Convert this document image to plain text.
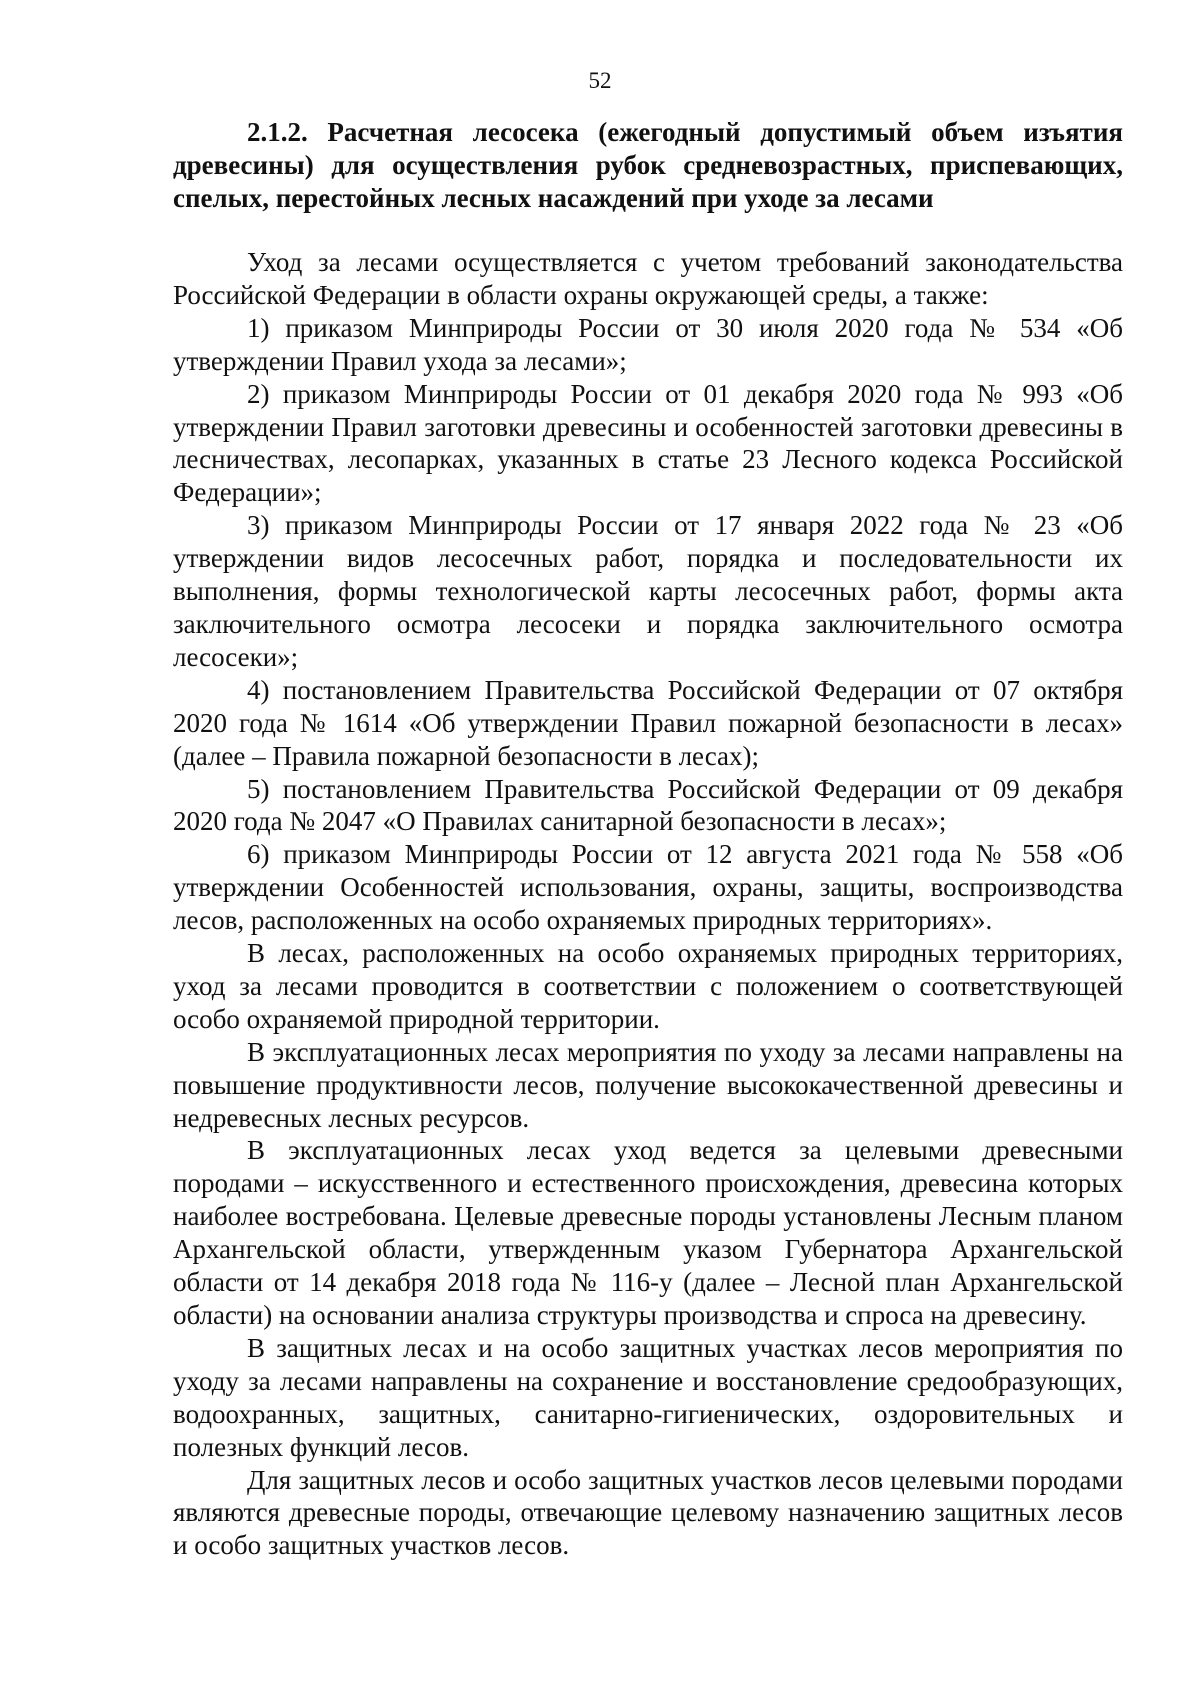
52
2.1.2. Расчетная лесосека (ежегодный допустимый объем изъятия древесины) для осуществления рубок средневозрастных, приспевающих, спелых, перестойных лесных насаждений при уходе за лесами

Уход за лесами осуществляется с учетом требований законодательства Российской Федерации в области охраны окружающей среды, а также:

1) приказом Минприроды России от 30 июля 2020 года № 534 «Об утверждении Правил ухода за лесами»;

2) приказом Минприроды России от 01 декабря 2020 года № 993 «Об утверждении Правил заготовки древесины и особенностей заготовки древесины в лесничествах, лесопарках, указанных в статье 23 Лесного кодекса Российской Федерации»;

3) приказом Минприроды России от 17 января 2022 года № 23 «Об утверждении видов лесосечных работ, порядка и последовательности их выполнения, формы технологической карты лесосечных работ, формы акта заключительного осмотра лесосеки и порядка заключительного осмотра лесосеки»;

4) постановлением Правительства Российской Федерации от 07 октября 2020 года № 1614 «Об утверждении Правил пожарной безопасности в лесах» (далее – Правила пожарной безопасности в лесах);

5) постановлением Правительства Российской Федерации от 09 декабря 2020 года № 2047 «О Правилах санитарной безопасности в лесах»;

6) приказом Минприроды России от 12 августа 2021 года № 558 «Об утверждении Особенностей использования, охраны, защиты, воспроизводства лесов, расположенных на особо охраняемых природных территориях».

В лесах, расположенных на особо охраняемых природных территориях, уход за лесами проводится в соответствии с положением о соответствующей особо охраняемой природной территории.

В эксплуатационных лесах мероприятия по уходу за лесами направлены на повышение продуктивности лесов, получение высококачественной древесины и недревесных лесных ресурсов.

В эксплуатационных лесах уход ведется за целевыми древесными породами – искусственного и естественного происхождения, древесина которых наиболее востребована. Целевые древесные породы установлены Лесным планом Архангельской области, утвержденным указом Губернатора Архангельской области от 14 декабря 2018 года № 116-у (далее – Лесной план Архангельской области) на основании анализа структуры производства и спроса на древесину.

В защитных лесах и на особо защитных участках лесов мероприятия по уходу за лесами направлены на сохранение и восстановление средообразующих, водоохранных, защитных, санитарно-гигиенических, оздоровительных и полезных функций лесов.

Для защитных лесов и особо защитных участков лесов целевыми породами являются древесные породы, отвечающие целевому назначению защитных лесов и особо защитных участков лесов.
